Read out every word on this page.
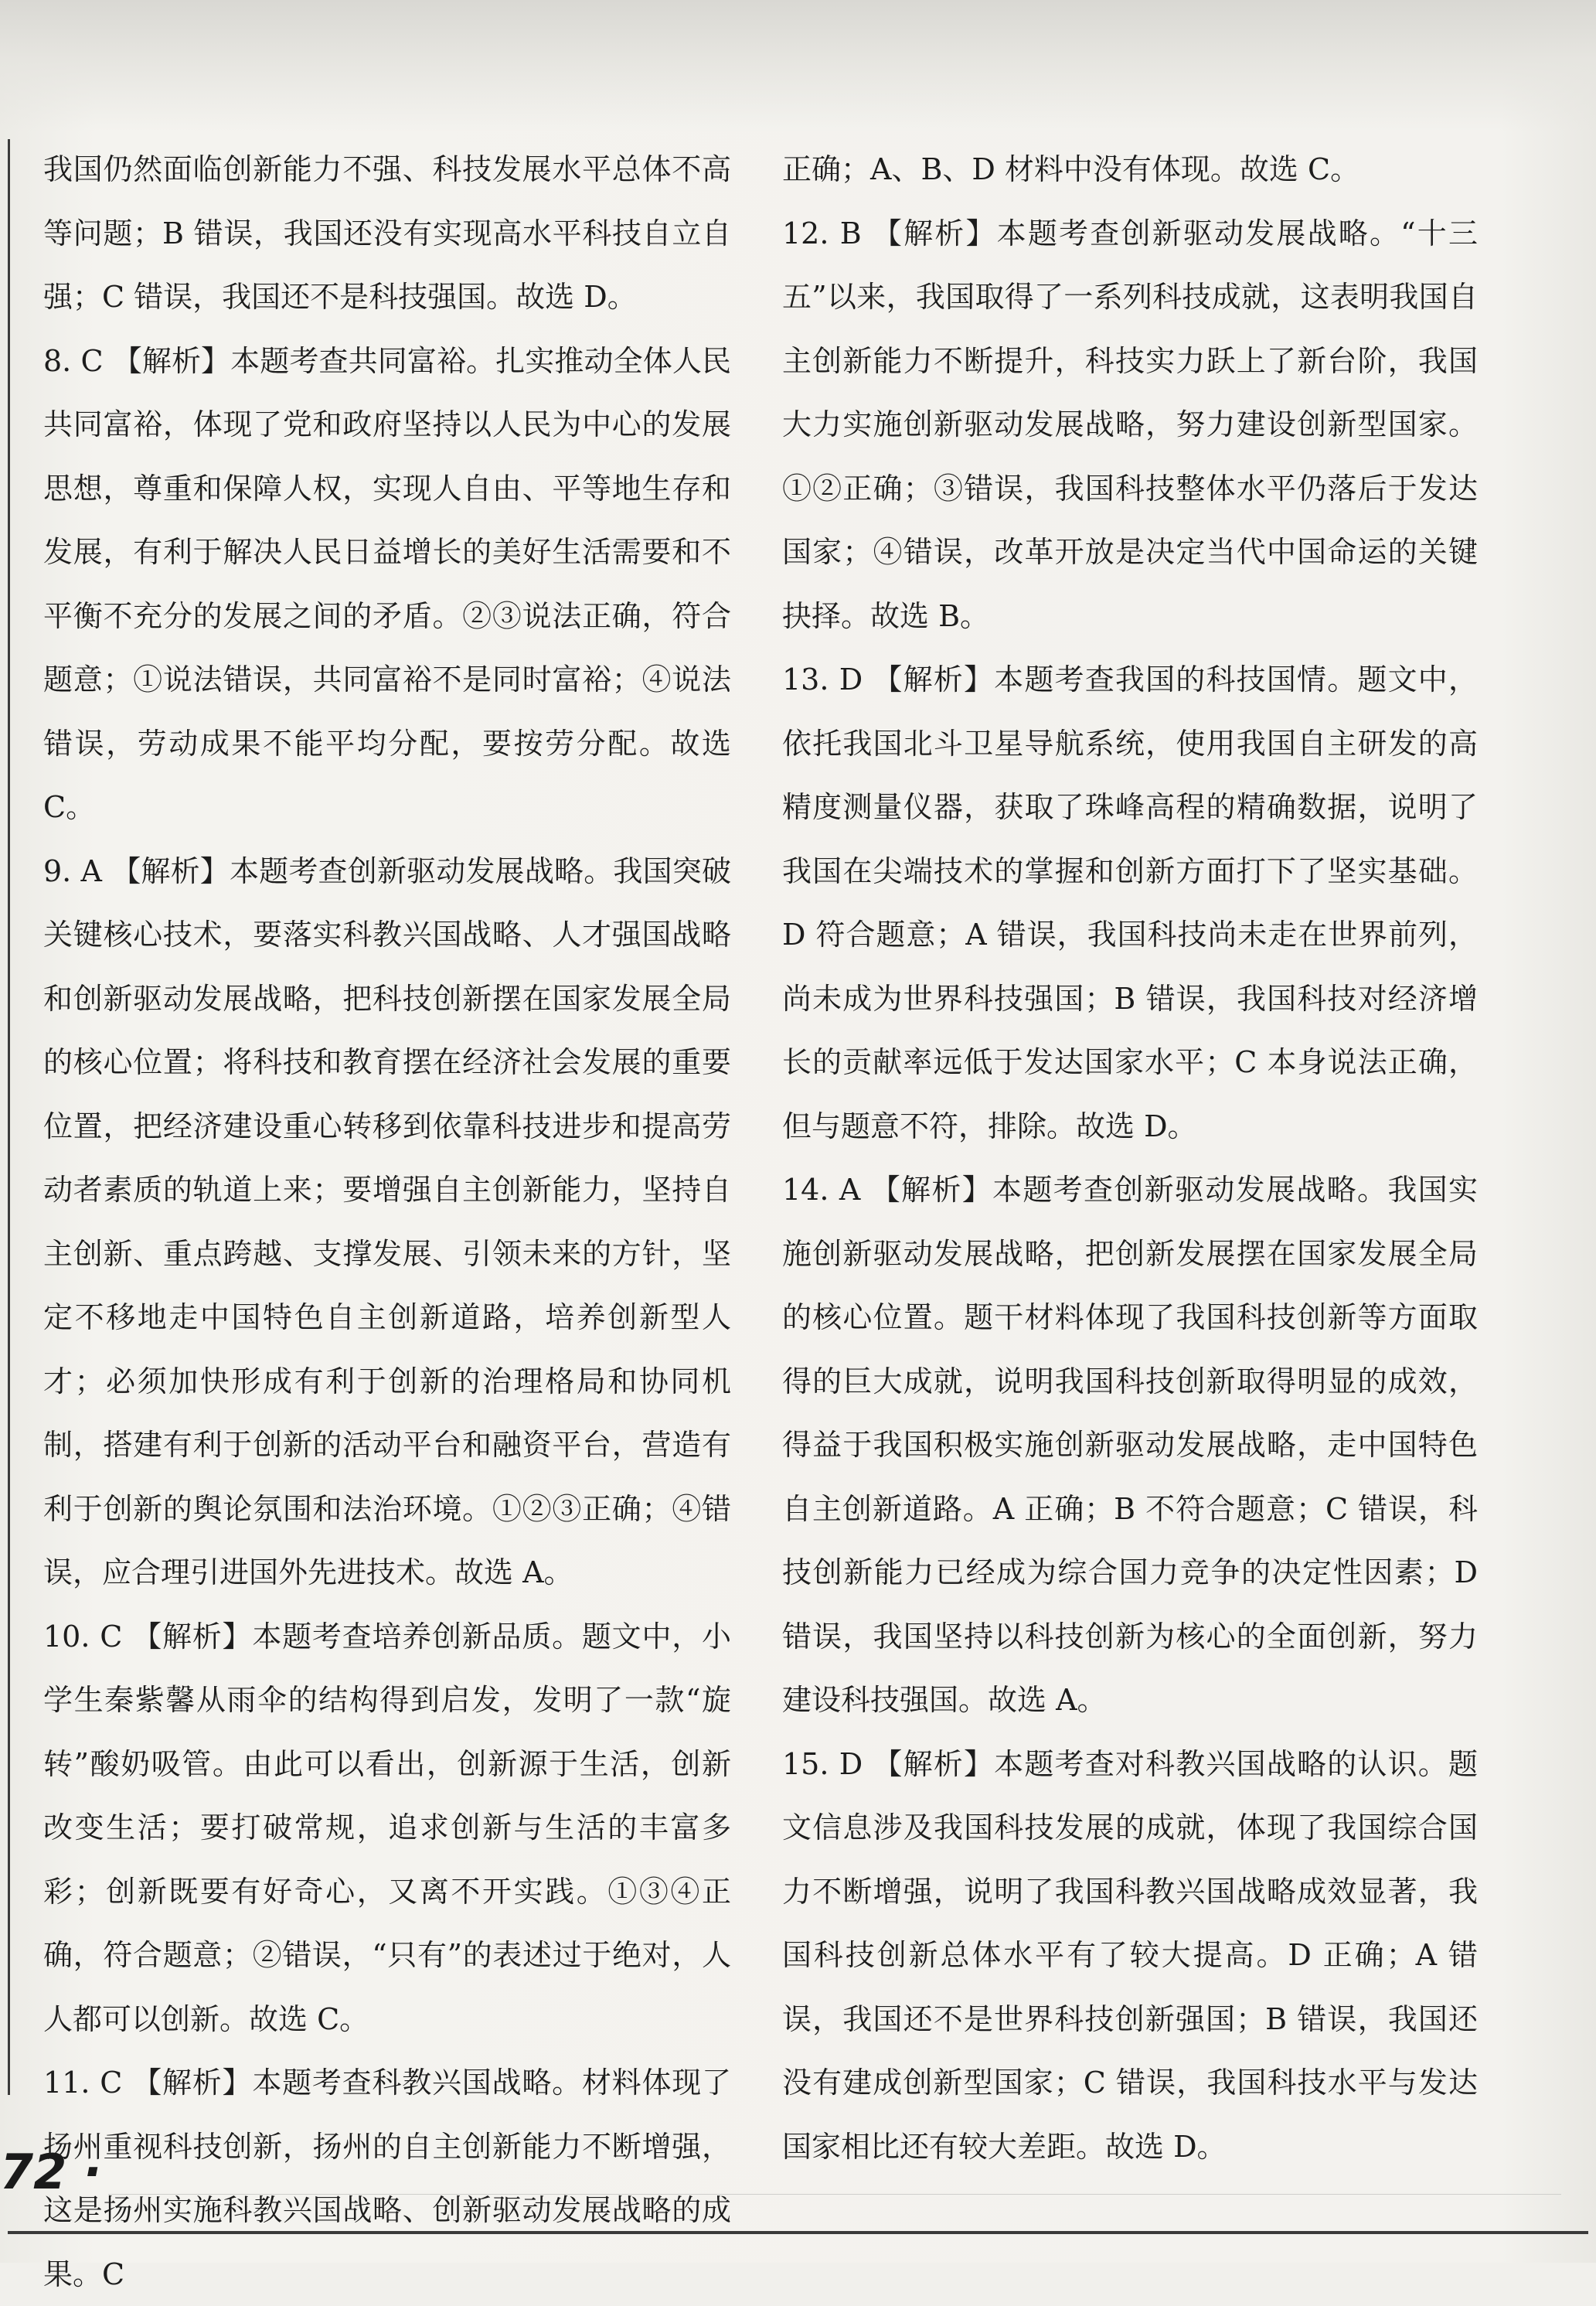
我国仍然面临创新能力不强、科技发展水平总体不高等问题；B 错误，我国还没有实现高水平科技自立自强；C 错误，我国还不是科技强国。故选 D。

8. C 【解析】本题考查共同富裕。扎实推动全体人民共同富裕，体现了党和政府坚持以人民为中心的发展思想，尊重和保障人权，实现人自由、平等地生存和发展，有利于解决人民日益增长的美好生活需要和不平衡不充分的发展之间的矛盾。②③说法正确，符合题意；①说法错误，共同富裕不是同时富裕；④说法错误，劳动成果不能平均分配，要按劳分配。故选 C。

9. A 【解析】本题考查创新驱动发展战略。我国突破关键核心技术，要落实科教兴国战略、人才强国战略和创新驱动发展战略，把科技创新摆在国家发展全局的核心位置；将科技和教育摆在经济社会发展的重要位置，把经济建设重心转移到依靠科技进步和提高劳动者素质的轨道上来；要增强自主创新能力，坚持自主创新、重点跨越、支撑发展、引领未来的方针，坚定不移地走中国特色自主创新道路，培养创新型人才；必须加快形成有利于创新的治理格局和协同机制，搭建有利于创新的活动平台和融资平台，营造有利于创新的舆论氛围和法治环境。①②③正确；④错误，应合理引进国外先进技术。故选 A。

10. C 【解析】本题考查培养创新品质。题文中，小学生秦紫馨从雨伞的结构得到启发，发明了一款“旋转”酸奶吸管。由此可以看出，创新源于生活，创新改变生活；要打破常规，追求创新与生活的丰富多彩；创新既要有好奇心，又离不开实践。①③④正确，符合题意；②错误，“只有”的表述过于绝对，人人都可以创新。故选 C。

11. C 【解析】本题考查科教兴国战略。材料体现了扬州重视科技创新，扬州的自主创新能力不断增强，这是扬州实施科教兴国战略、创新驱动发展战略的成果。C

正确；A、B、D 材料中没有体现。故选 C。

12. B 【解析】本题考查创新驱动发展战略。“十三五”以来，我国取得了一系列科技成就，这表明我国自主创新能力不断提升，科技实力跃上了新台阶，我国大力实施创新驱动发展战略，努力建设创新型国家。①②正确；③错误，我国科技整体水平仍落后于发达国家；④错误，改革开放是决定当代中国命运的关键抉择。故选 B。

13. D 【解析】本题考查我国的科技国情。题文中，依托我国北斗卫星导航系统，使用我国自主研发的高精度测量仪器，获取了珠峰高程的精确数据，说明了我国在尖端技术的掌握和创新方面打下了坚实基础。D 符合题意；A 错误，我国科技尚未走在世界前列，尚未成为世界科技强国；B 错误，我国科技对经济增长的贡献率远低于发达国家水平；C 本身说法正确，但与题意不符，排除。故选 D。

14. A 【解析】本题考查创新驱动发展战略。我国实施创新驱动发展战略，把创新发展摆在国家发展全局的核心位置。题干材料体现了我国科技创新等方面取得的巨大成就，说明我国科技创新取得明显的成效，得益于我国积极实施创新驱动发展战略，走中国特色自主创新道路。A 正确；B 不符合题意；C 错误，科技创新能力已经成为综合国力竞争的决定性因素；D 错误，我国坚持以科技创新为核心的全面创新，努力建设科技强国。故选 A。

15. D 【解析】本题考查对科教兴国战略的认识。题文信息涉及我国科技发展的成就，体现了我国综合国力不断增强，说明了我国科教兴国战略成效显著，我国科技创新总体水平有了较大提高。D 正确；A 错误，我国还不是世界科技创新强国；B 错误，我国还没有建成创新型国家；C 错误，我国科技水平与发达国家相比还有较大差距。故选 D。

72 ·
